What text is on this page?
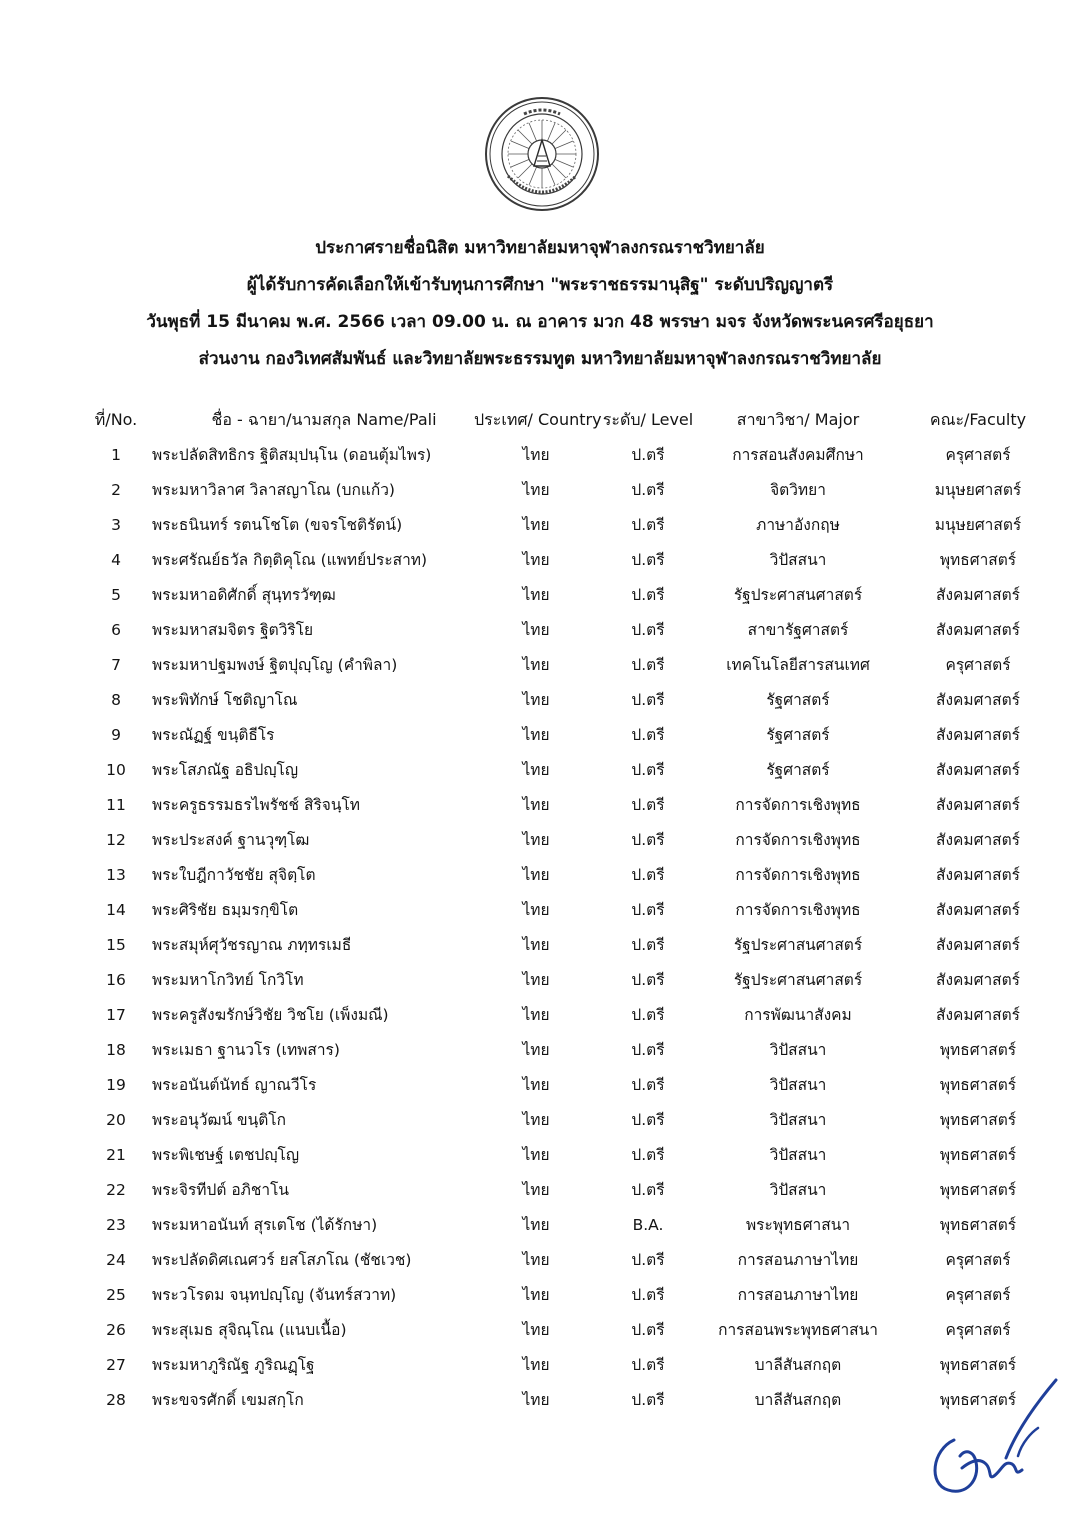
ประกาศรายชื่อนิสิต มหาวิทยาลัยมหาจุฬาลงกรณราชวิทยาลัย
ผู้ได้รับการคัดเลือกให้เข้ารับทุนการศึกษา "พระราชธรรมานุสิฐ" ระดับปริญญาตรี
วันพุธที่ 15 มีนาคม พ.ศ. 2566 เวลา 09.00 น. ณ อาคาร มวก 48 พรรษา มจร จังหวัดพระนครศรีอยุธยา
ส่วนงาน กองวิเทศสัมพันธ์ และวิทยาลัยพระธรรมทูต มหาวิทยาลัยมหาจุฬาลงกรณราชวิทยาลัย
ที่/No.	ชื่อ - ฉายา/นามสกุล Name/Pali	ประเทศ/ Country	ระดับ/ Level	สาขาวิชา/ Major	คณะ/Faculty
1	พระปลัดสิทธิกร ฐิติสมฺปนฺโน (ดอนตุ้มไพร)	ไทย	ป.ตรี	การสอนสังคมศึกษา	ครุศาสตร์
2	พระมหาวิลาศ วิลาสญาโณ (บกแก้ว)	ไทย	ป.ตรี	จิตวิทยา	มนุษยศาสตร์
3	พระธนินทร์ รตนโชโต (ขจรโชติรัตน์)	ไทย	ป.ตรี	ภาษาอังกฤษ	มนุษยศาสตร์
4	พระศรัณย์ธวัล กิตฺติคุโณ (แพทย์ประสาท)	ไทย	ป.ตรี	วิปัสสนา	พุทธศาสตร์
5	พระมหาอดิศักดิ์ สุนฺทรวัฑฺฒ	ไทย	ป.ตรี	รัฐประศาสนศาสตร์	สังคมศาสตร์
6	พระมหาสมจิตร ฐิตวิริโย	ไทย	ป.ตรี	สาขารัฐศาสตร์	สังคมศาสตร์
7	พระมหาปฐมพงษ์ ฐิตปุญฺโญ (คำพิลา)	ไทย	ป.ตรี	เทคโนโลยีสารสนเทศ	ครุศาสตร์
8	พระพิทักษ์ โชติญาโณ	ไทย	ป.ตรี	รัฐศาสตร์	สังคมศาสตร์
9	พระณัฏฐ์ ขนฺติธีโร	ไทย	ป.ตรี	รัฐศาสตร์	สังคมศาสตร์
10	พระโสภณัฐ อธิปญฺโญ	ไทย	ป.ตรี	รัฐศาสตร์	สังคมศาสตร์
11	พระครูธรรมธรไพรัชช์ สิริจนฺโท	ไทย	ป.ตรี	การจัดการเชิงพุทธ	สังคมศาสตร์
12	พระประสงค์ ฐานวุฑฺโฒ	ไทย	ป.ตรี	การจัดการเชิงพุทธ	สังคมศาสตร์
13	พระใบฎีกาวัชชัย สุจิตฺโต	ไทย	ป.ตรี	การจัดการเชิงพุทธ	สังคมศาสตร์
14	พระศิริชัย ธมฺมรกฺขิโต	ไทย	ป.ตรี	การจัดการเชิงพุทธ	สังคมศาสตร์
15	พระสมุห์ศุวัชรญาณ ภทฺทรเมธี	ไทย	ป.ตรี	รัฐประศาสนศาสตร์	สังคมศาสตร์
16	พระมหาโกวิทย์ โกวิโท	ไทย	ป.ตรี	รัฐประศาสนศาสตร์	สังคมศาสตร์
17	พระครูสังฆรักษ์วิชัย วิชโย (เพ็งมณี)	ไทย	ป.ตรี	การพัฒนาสังคม	สังคมศาสตร์
18	พระเมธา ฐานวโร (เทพสาร)	ไทย	ป.ตรี	วิปัสสนา	พุทธศาสตร์
19	พระอนันต์นัทธ์ ญาณวีโร	ไทย	ป.ตรี	วิปัสสนา	พุทธศาสตร์
20	พระอนุวัฒน์ ขนฺติโก	ไทย	ป.ตรี	วิปัสสนา	พุทธศาสตร์
21	พระพิเชษฐ์ เตชปญฺโญ	ไทย	ป.ตรี	วิปัสสนา	พุทธศาสตร์
22	พระจิรทีปต์ อภิชาโน	ไทย	ป.ตรี	วิปัสสนา	พุทธศาสตร์
23	พระมหาอนันท์ สุรเตโช (ได้รักษา)	ไทย	B.A.	พระพุทธศาสนา	พุทธศาสตร์
24	พระปลัดดิศเณศวร์ ยสโสภโณ (ชัชเวช)	ไทย	ป.ตรี	การสอนภาษาไทย	ครุศาสตร์
25	พระวโรดม จนฺทปญฺโญ (จันทร์สวาท)	ไทย	ป.ตรี	การสอนภาษาไทย	ครุศาสตร์
26	พระสุเมธ สุจิณฺโณ (แนบเนื้อ)	ไทย	ป.ตรี	การสอนพระพุทธศาสนา	ครุศาสตร์
27	พระมหาภูริณัฐ ภูริณฏฺโฐ	ไทย	ป.ตรี	บาลีสันสกฤต	พุทธศาสตร์
28	พระขจรศักดิ์ เขมสกฺโก	ไทย	ป.ตรี	บาลีสันสกฤต	พุทธศาสตร์
